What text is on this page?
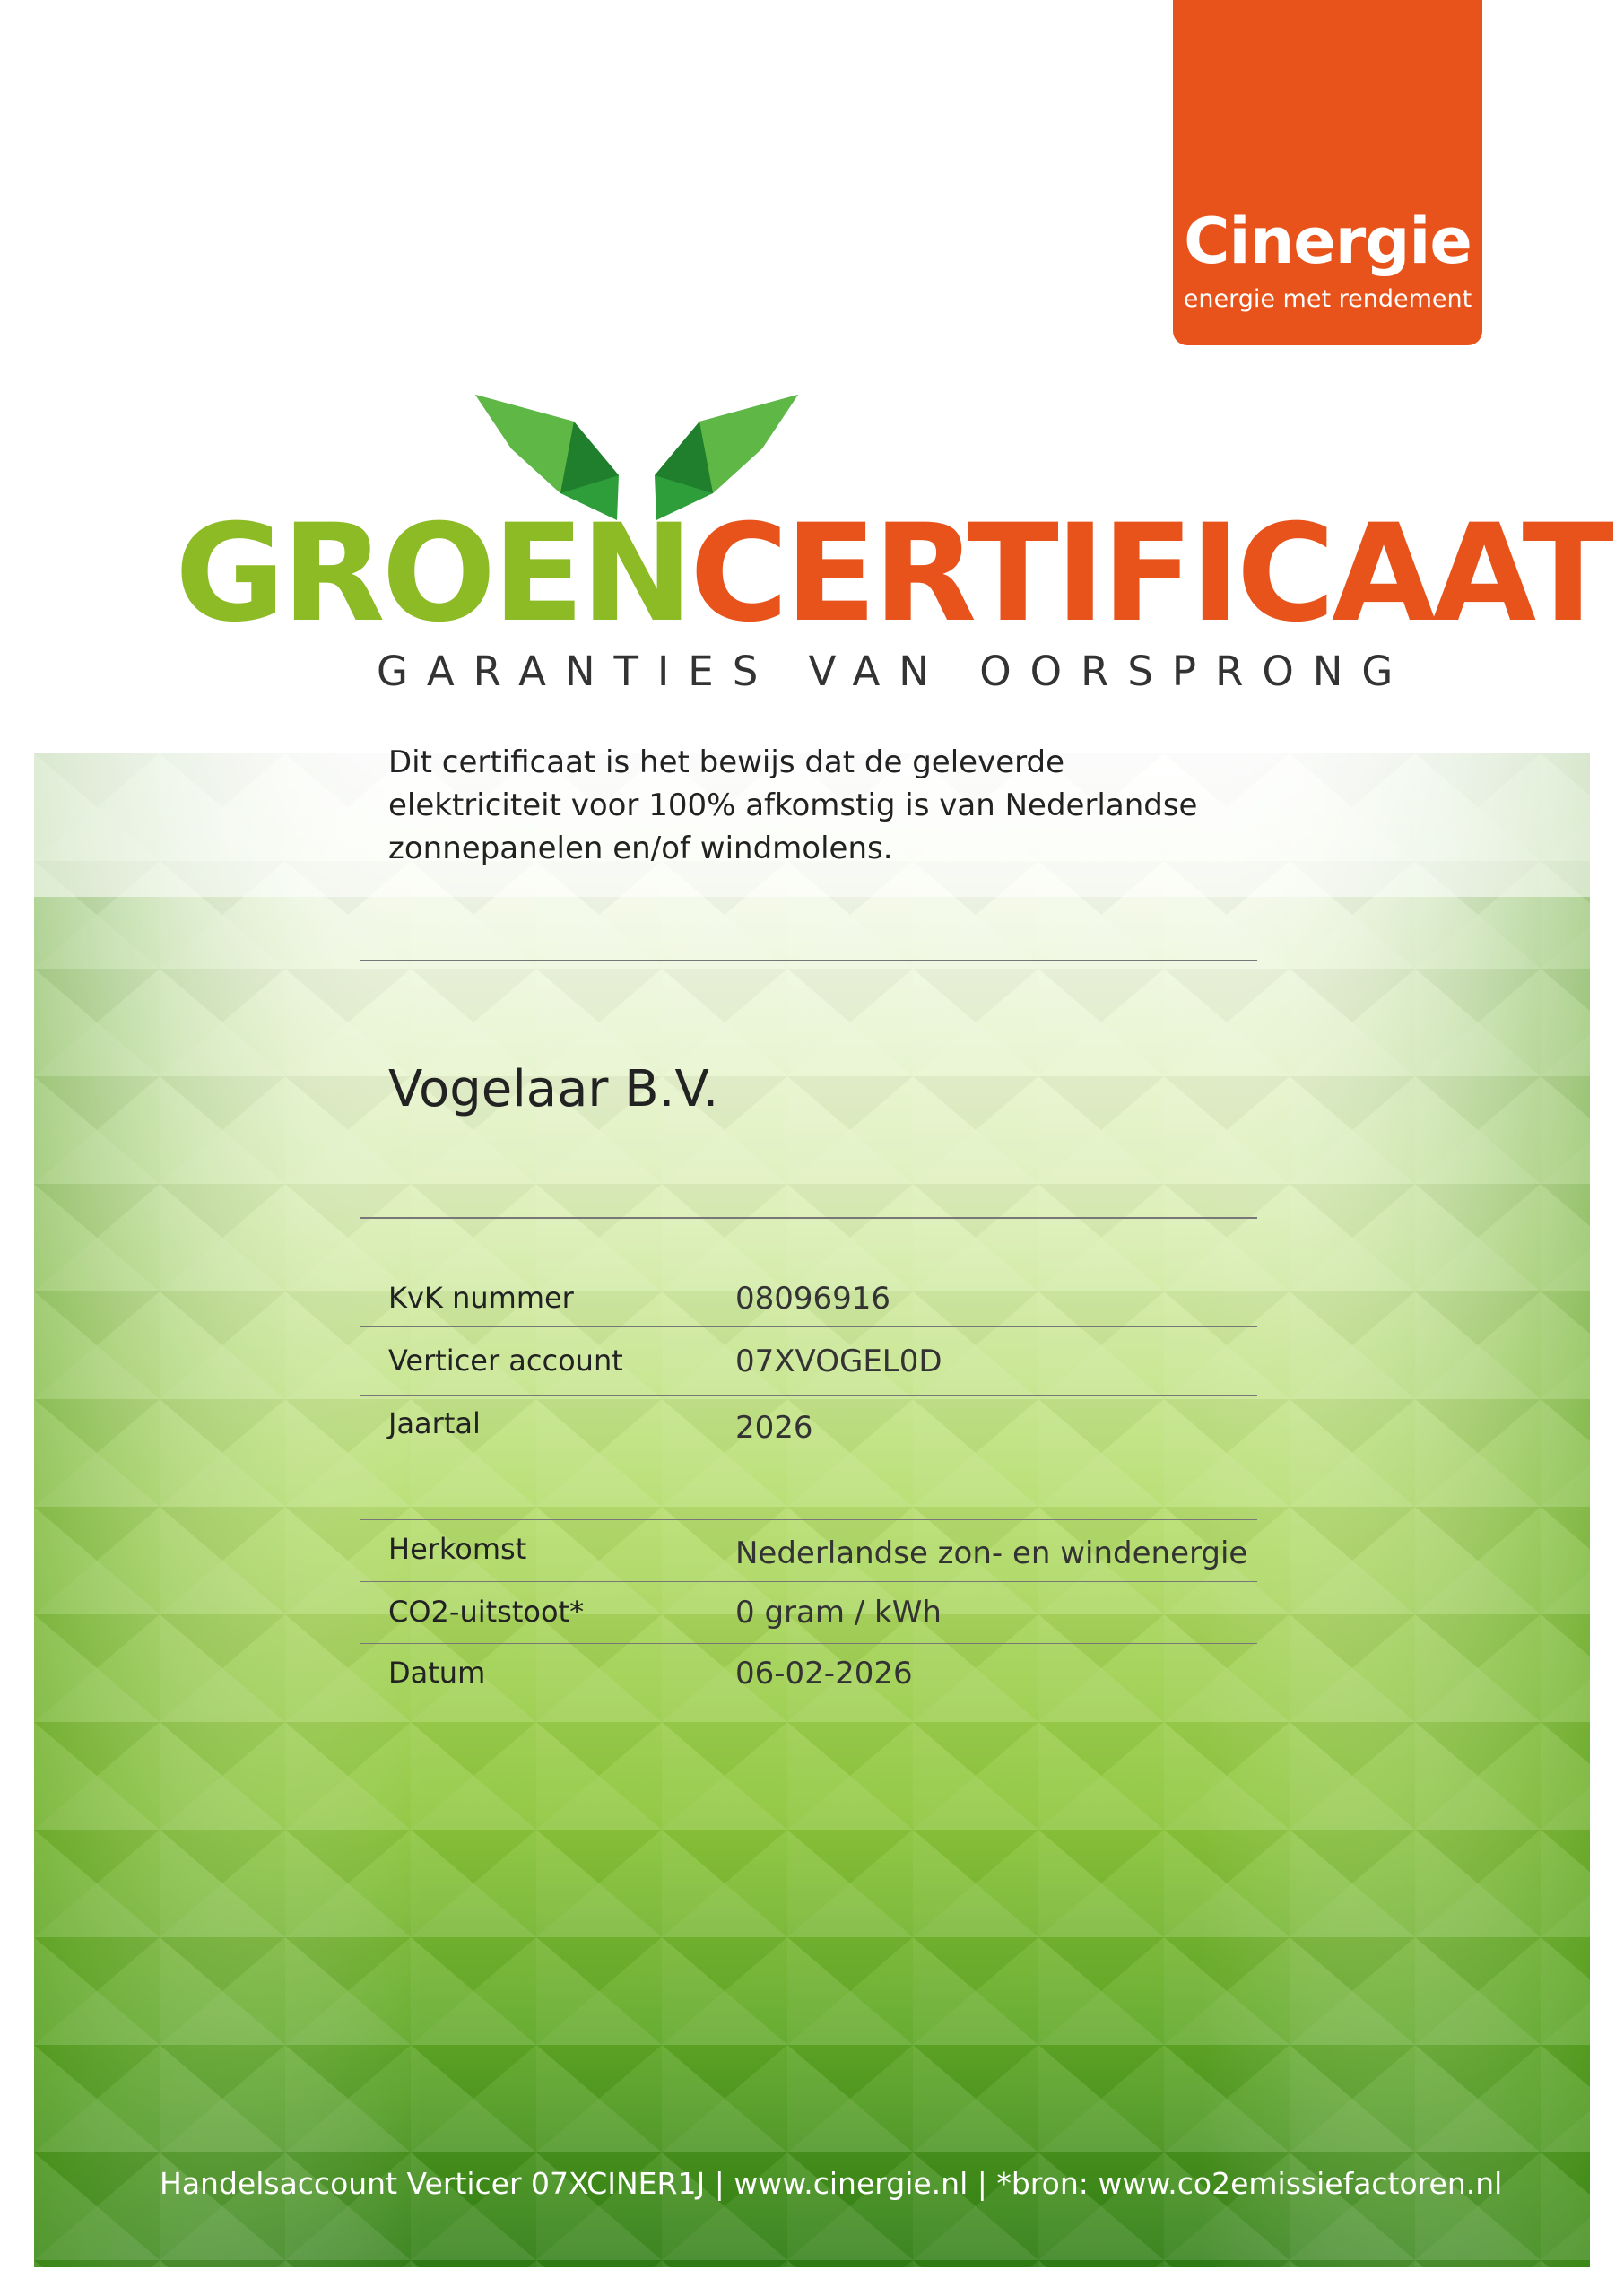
Cinergie
energie met rendement
GROENCERTIFICAAT
GARANTIES VAN OORSPRONG
Dit certificaat is het bewijs dat de geleverde
elektriciteit voor 100% afkomstig is van Nederlandse
zonnepanelen en/of windmolens.
Vogelaar B.V.
KvK nummer	08096916
Verticer account	07XVOGEL0D
Jaartal	2026
Herkomst	Nederlandse zon- en windenergie
CO2-uitstoot*	0 gram / kWh
Datum	06-02-2026
Handelsaccount Verticer 07XCINER1J | www.cinergie.nl | *bron: www.co2emissiefactoren.nl
